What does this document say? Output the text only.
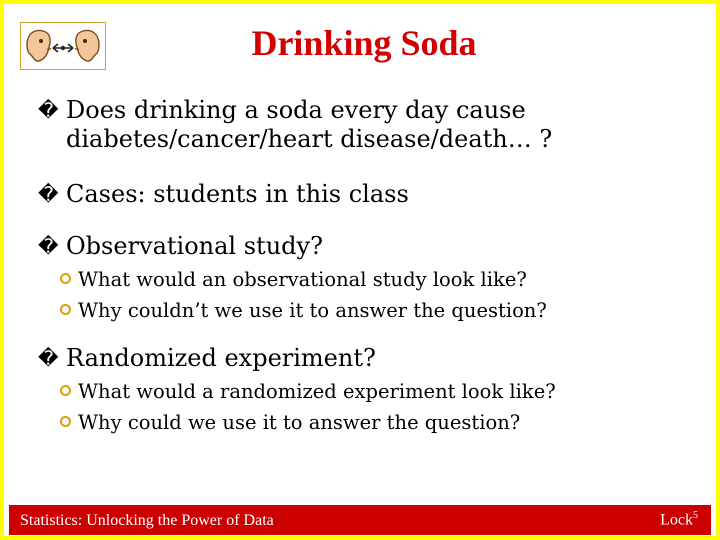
Drinking Soda
� Does drinking a soda every day cause
diabetes/cancer/heart disease/death… ?
� Cases: students in this class
� Observational study?
What would an observational study look like?
Why couldn’t we use it to answer the question?
� Randomized experiment?
What would a randomized experiment look like?
Why could we use it to answer the question?
Statistics: Unlocking the Power of Data	Lock$^5$
